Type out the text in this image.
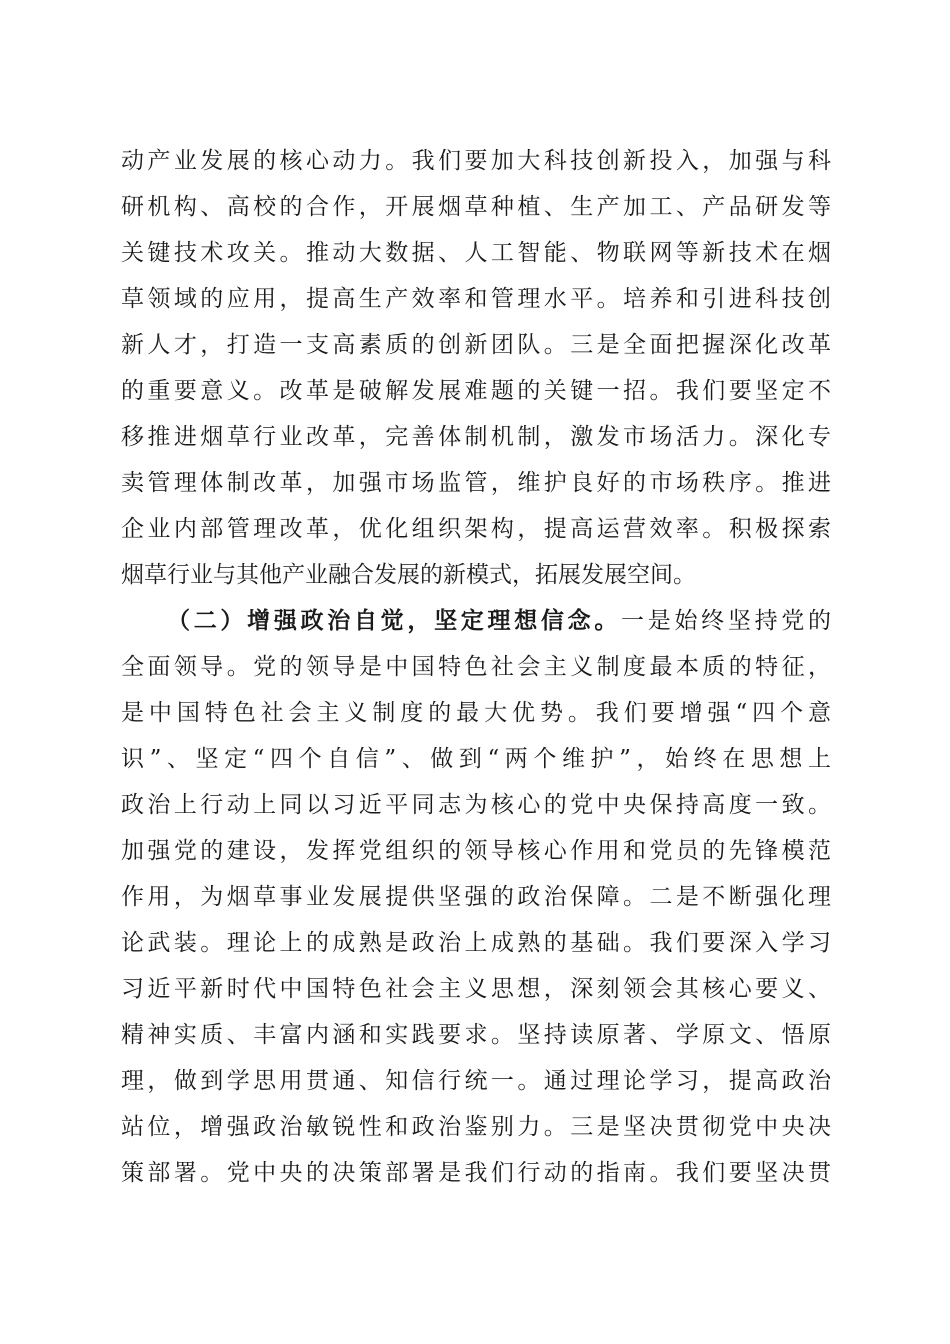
动产业发展的核心动力。我们要加大科技创新投入，加强与科
研机构、高校的合作，开展烟草种植、生产加工、产品研发等
关键技术攻关。推动大数据、人工智能、物联网等新技术在烟
草领域的应用，提高生产效率和管理水平。培养和引进科技创
新人才，打造一支高素质的创新团队。三是全面把握深化改革
的重要意义。改革是破解发展难题的关键一招。我们要坚定不
移推进烟草行业改革，完善体制机制，激发市场活力。深化专
卖管理体制改革，加强市场监管，维护良好的市场秩序。推进
企业内部管理改革，优化组织架构，提高运营效率。积极探索
烟草行业与其他产业融合发展的新模式，拓展发展空间。
（二）增强政治自觉，坚定理想信念。一是始终坚持党的
全面领导。党的领导是中国特色社会主义制度最本质的特征，
是中国特色社会主义制度的最大优势。我们要增强“四个意
识”、坚定“四个自信”、做到“两个维护”，始终在思想上
政治上行动上同以习近平同志为核心的党中央保持高度一致。
加强党的建设，发挥党组织的领导核心作用和党员的先锋模范
作用，为烟草事业发展提供坚强的政治保障。二是不断强化理
论武装。理论上的成熟是政治上成熟的基础。我们要深入学习
习近平新时代中国特色社会主义思想，深刻领会其核心要义、
精神实质、丰富内涵和实践要求。坚持读原著、学原文、悟原
理，做到学思用贯通、知信行统一。通过理论学习，提高政治
站位，增强政治敏锐性和政治鉴别力。三是坚决贯彻党中央决
策部署。党中央的决策部署是我们行动的指南。我们要坚决贯
